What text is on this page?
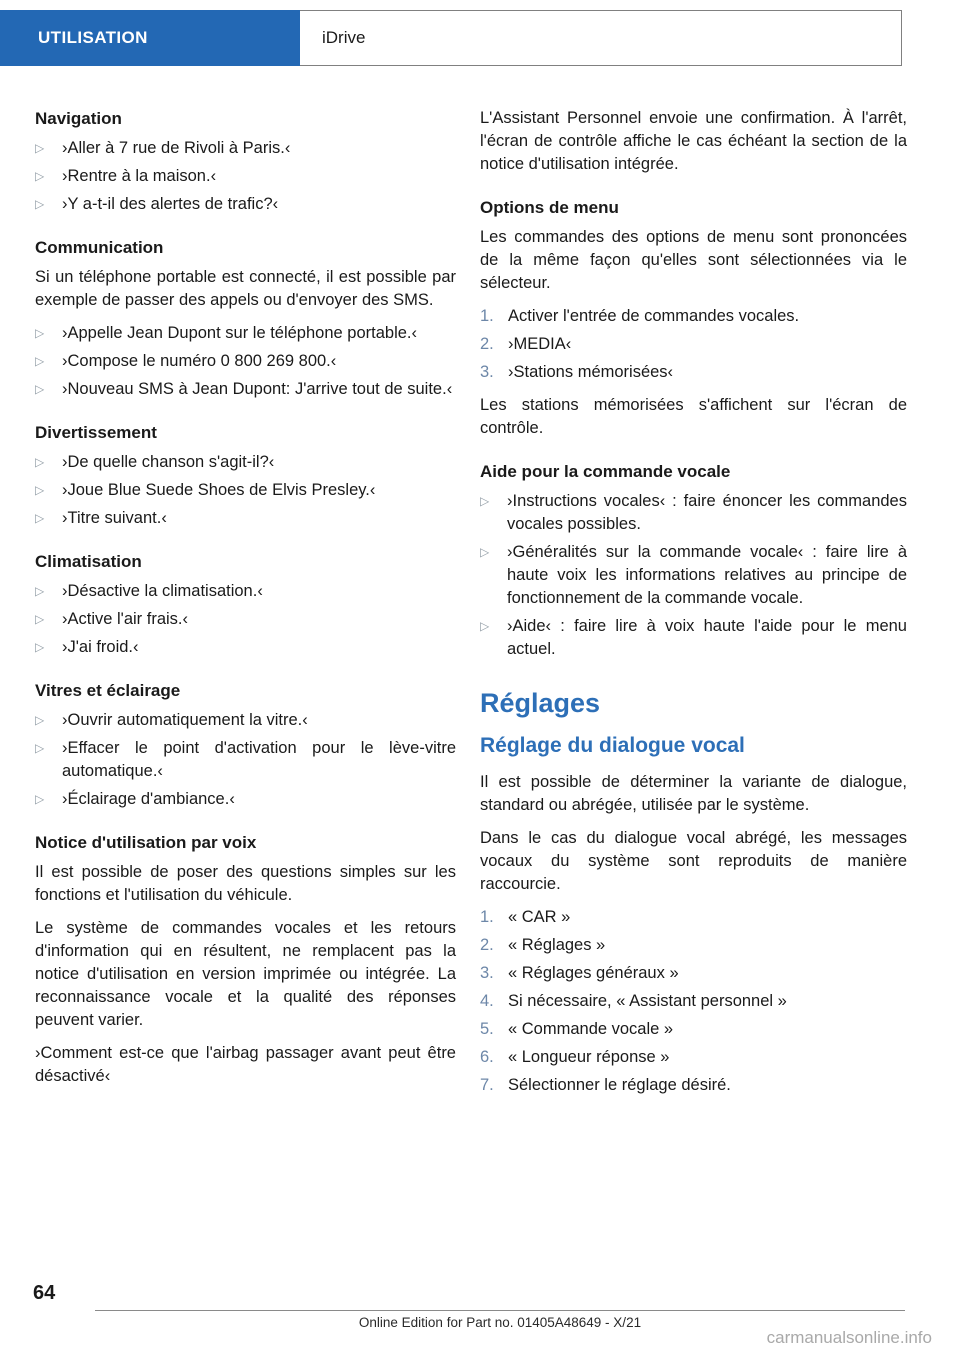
UTILISATION	iDrive
Navigation
▷	›Aller à 7 rue de Rivoli à Paris.‹
▷	›Rentre à la maison.‹
▷	›Y a-t-il des alertes de trafic?‹
Communication

Si un téléphone portable est connecté, il est possible par exemple de passer des appels ou d'envoyer des SMS.

▷	›Appelle Jean Dupont sur le téléphone portable.‹
▷	›Compose le numéro 0 800 269 800.‹
▷	›Nouveau SMS à Jean Dupont: J'arrive tout de suite.‹
Divertissement
▷	›De quelle chanson s'agit-il?‹
▷	›Joue Blue Suede Shoes de Elvis Presley.‹
▷	›Titre suivant.‹
Climatisation
▷	›Désactive la climatisation.‹
▷	›Active l'air frais.‹
▷	›J'ai froid.‹
Vitres et éclairage
▷	›Ouvrir automatiquement la vitre.‹
▷	›Effacer le point d'activation pour le lève-vitre automatique.‹
▷	›Éclairage d'ambiance.‹
Notice d'utilisation par voix

Il est possible de poser des questions simples sur les fonctions et l'utilisation du véhicule.

Le système de commandes vocales et les retours d'information qui en résultent, ne remplacent pas la notice d'utilisation en version imprimée ou intégrée. La reconnaissance vocale et la qualité des réponses peuvent varier.

›Comment est-ce que l'airbag passager avant peut être désactivé‹

L'Assistant Personnel envoie une confirmation. À l'arrêt, l'écran de contrôle affiche le cas échéant la section de la notice d'utilisation intégrée.

Options de menu

Les commandes des options de menu sont prononcées de la même façon qu'elles sont sélectionnées via le sélecteur.

1. Activer l'entrée de commandes vocales.
2. ›MEDIA‹
3. ›Stations mémorisées‹

Les stations mémorisées s'affichent sur l'écran de contrôle.

Aide pour la commande vocale
▷	›Instructions vocales‹ : faire énoncer les commandes vocales possibles.
▷	›Généralités sur la commande vocale‹ : faire lire à haute voix les informations relatives au principe de fonctionnement de la commande vocale.
▷	›Aide‹ : faire lire à voix haute l'aide pour le menu actuel.
Réglages
Réglage du dialogue vocal

Il est possible de déterminer la variante de dialogue, standard ou abrégée, utilisée par le système.

Dans le cas du dialogue vocal abrégé, les messages vocaux du système sont reproduits de manière raccourcie.

1. « CAR »
2. « Réglages »
3. « Réglages généraux »
4. Si nécessaire, « Assistant personnel »
5. « Commande vocale »
6. « Longueur réponse »
7. Sélectionner le réglage désiré.
64
Online Edition for Part no. 01405A48649 - X/21
carmanualsonline.info
